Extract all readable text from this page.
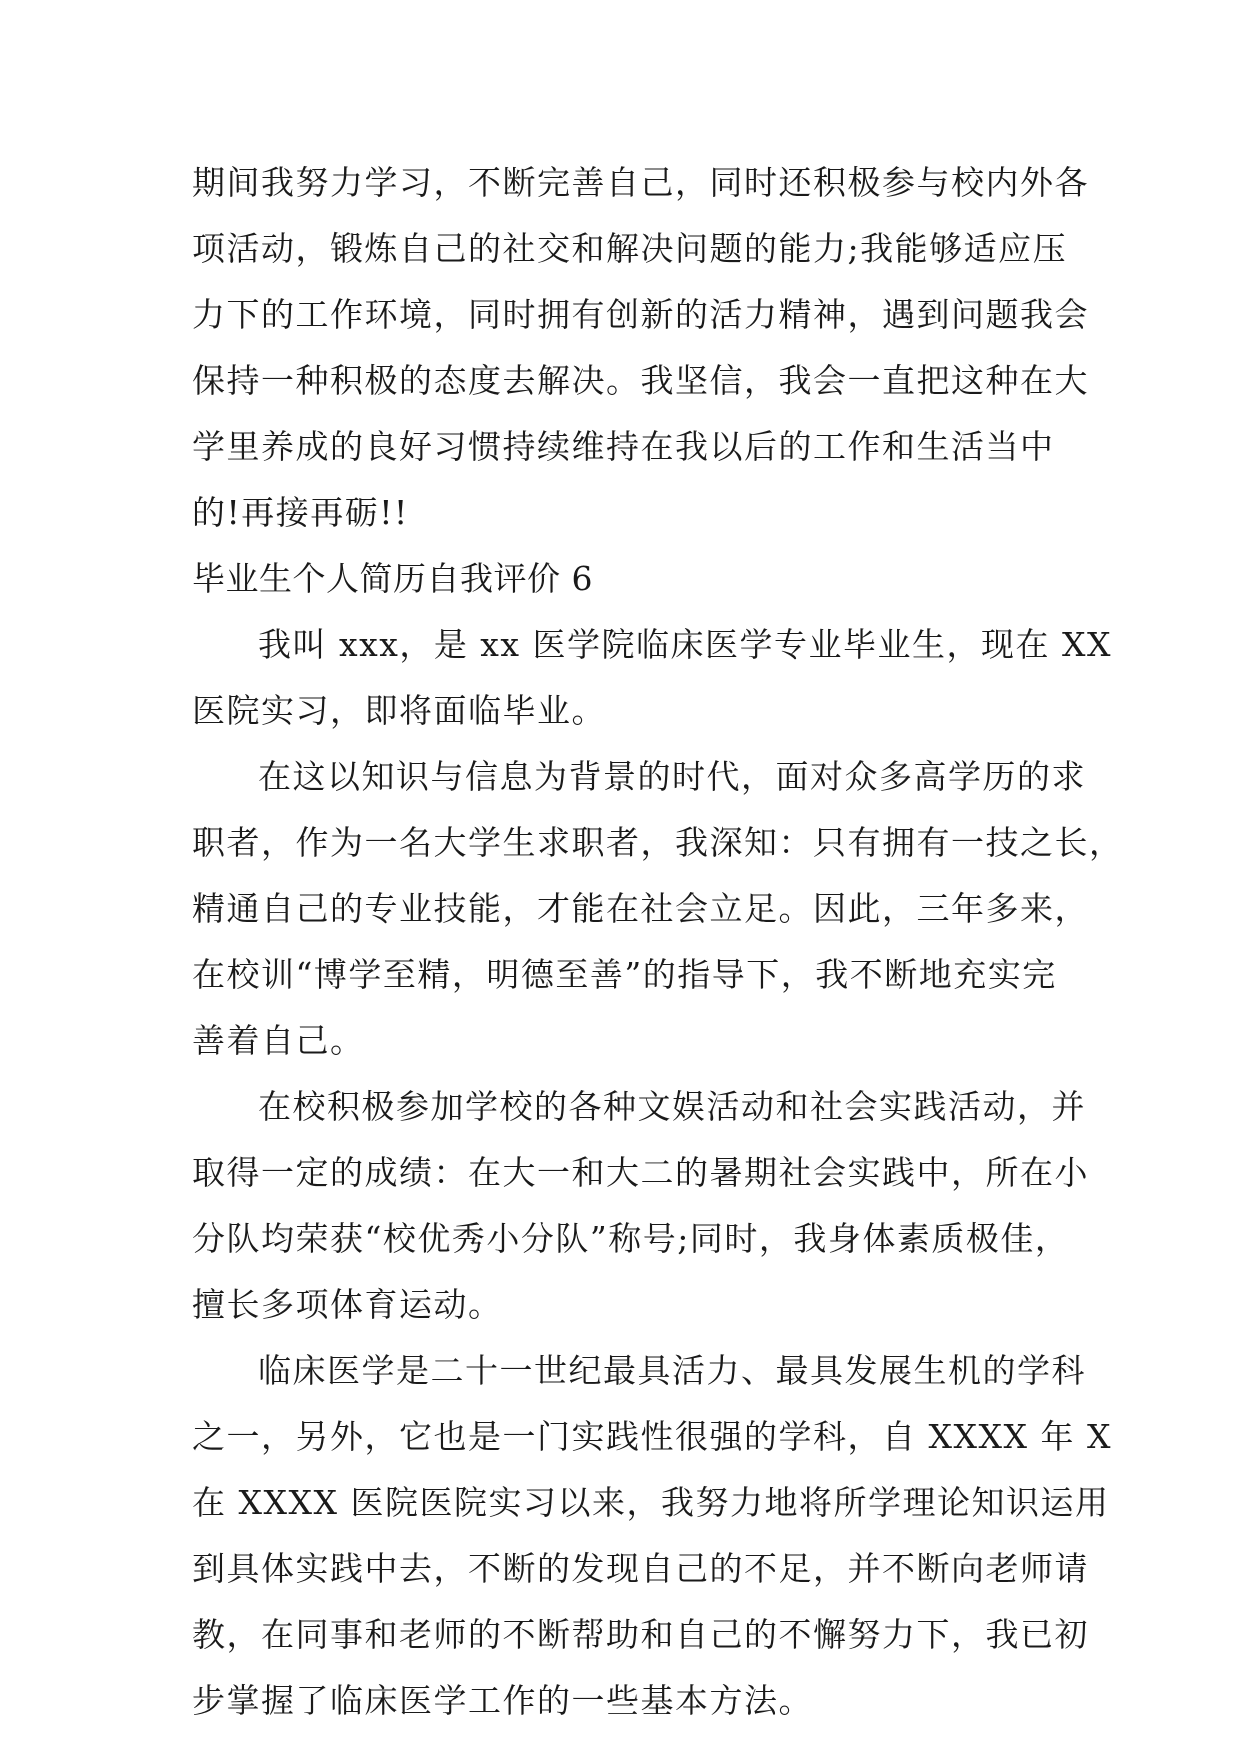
期间我努力学习，不断完善自己，同时还积极参与校内外各
项活动，锻炼自己的社交和解决问题的能力;我能够适应压
力下的工作环境，同时拥有创新的活力精神，遇到问题我会
保持一种积极的态度去解决。我坚信，我会一直把这种在大
学里养成的良好习惯持续维持在我以后的工作和生活当中
的!再接再砺!!
毕业生个人简历自我评价 6
我叫 xxx，是 xx 医学院临床医学专业毕业生，现在 XX
医院实习，即将面临毕业。
在这以知识与信息为背景的时代，面对众多高学历的求
职者，作为一名大学生求职者，我深知：只有拥有一技之长，
精通自己的专业技能，才能在社会立足。因此，三年多来，
在校训“博学至精，明德至善”的指导下，我不断地充实完
善着自己。
在校积极参加学校的各种文娱活动和社会实践活动，并
取得一定的成绩：在大一和大二的暑期社会实践中，所在小
分队均荣获“校优秀小分队”称号;同时，我身体素质极佳，
擅长多项体育运动。
临床医学是二十一世纪最具活力、最具发展生机的学科
之一，另外，它也是一门实践性很强的学科，自 XXXX 年 X
在 XXXX 医院医院实习以来，我努力地将所学理论知识运用
到具体实践中去，不断的发现自己的不足，并不断向老师请
教，在同事和老师的不断帮助和自己的不懈努力下，我已初
步掌握了临床医学工作的一些基本方法。
